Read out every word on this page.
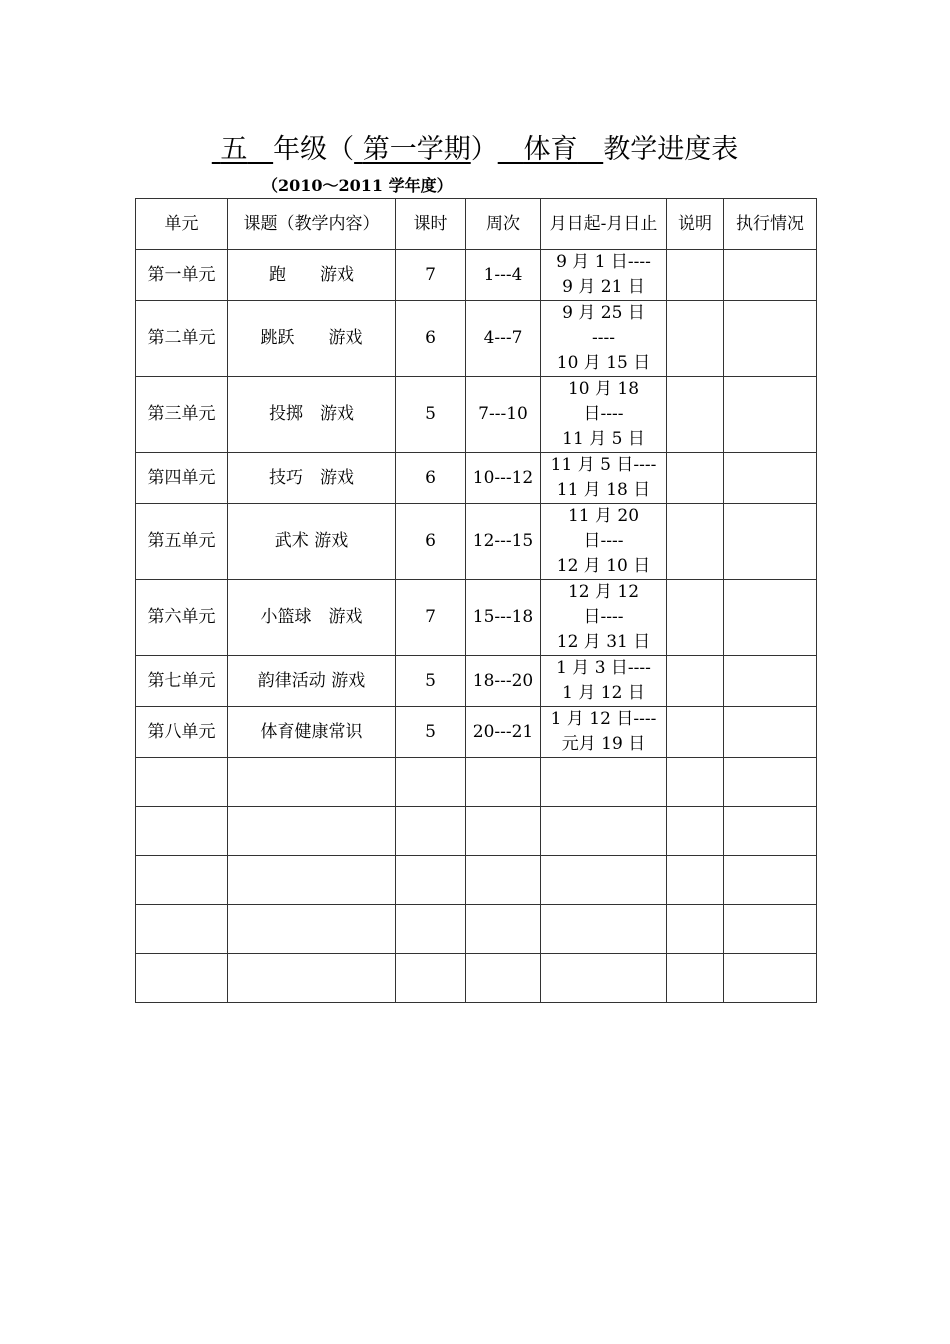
五 年级（ 第一学期） 体育 教学进度表
（2010～2011 学年度）
单元	课题（教学内容）	课时	周次	月日起-月日止	说明	执行情况
第一单元	跑　　游戏	7	1---4	9 月 1 日----
9 月 21 日		

第二单元	跳跃　　游戏	6	4---7	9 月 25 日
----
10 月 15 日		

第三单元	投掷　游戏	5	7---10	10 月 18
日----
11 月 5 日		

第四单元	技巧　游戏	6	10---12	11 月 5 日----
11 月 18 日		

第五单元	武术 游戏	6	12---15	11 月 20
日----
12 月 10 日		

第六单元	小篮球　游戏	7	15---18	12 月 12
日----
12 月 31 日		

第七单元	韵律活动 游戏	5	18---20	1 月 3 日----
1 月 12 日		

第八单元	体育健康常识	5	20---21	1 月 12 日----
元月 19 日		
